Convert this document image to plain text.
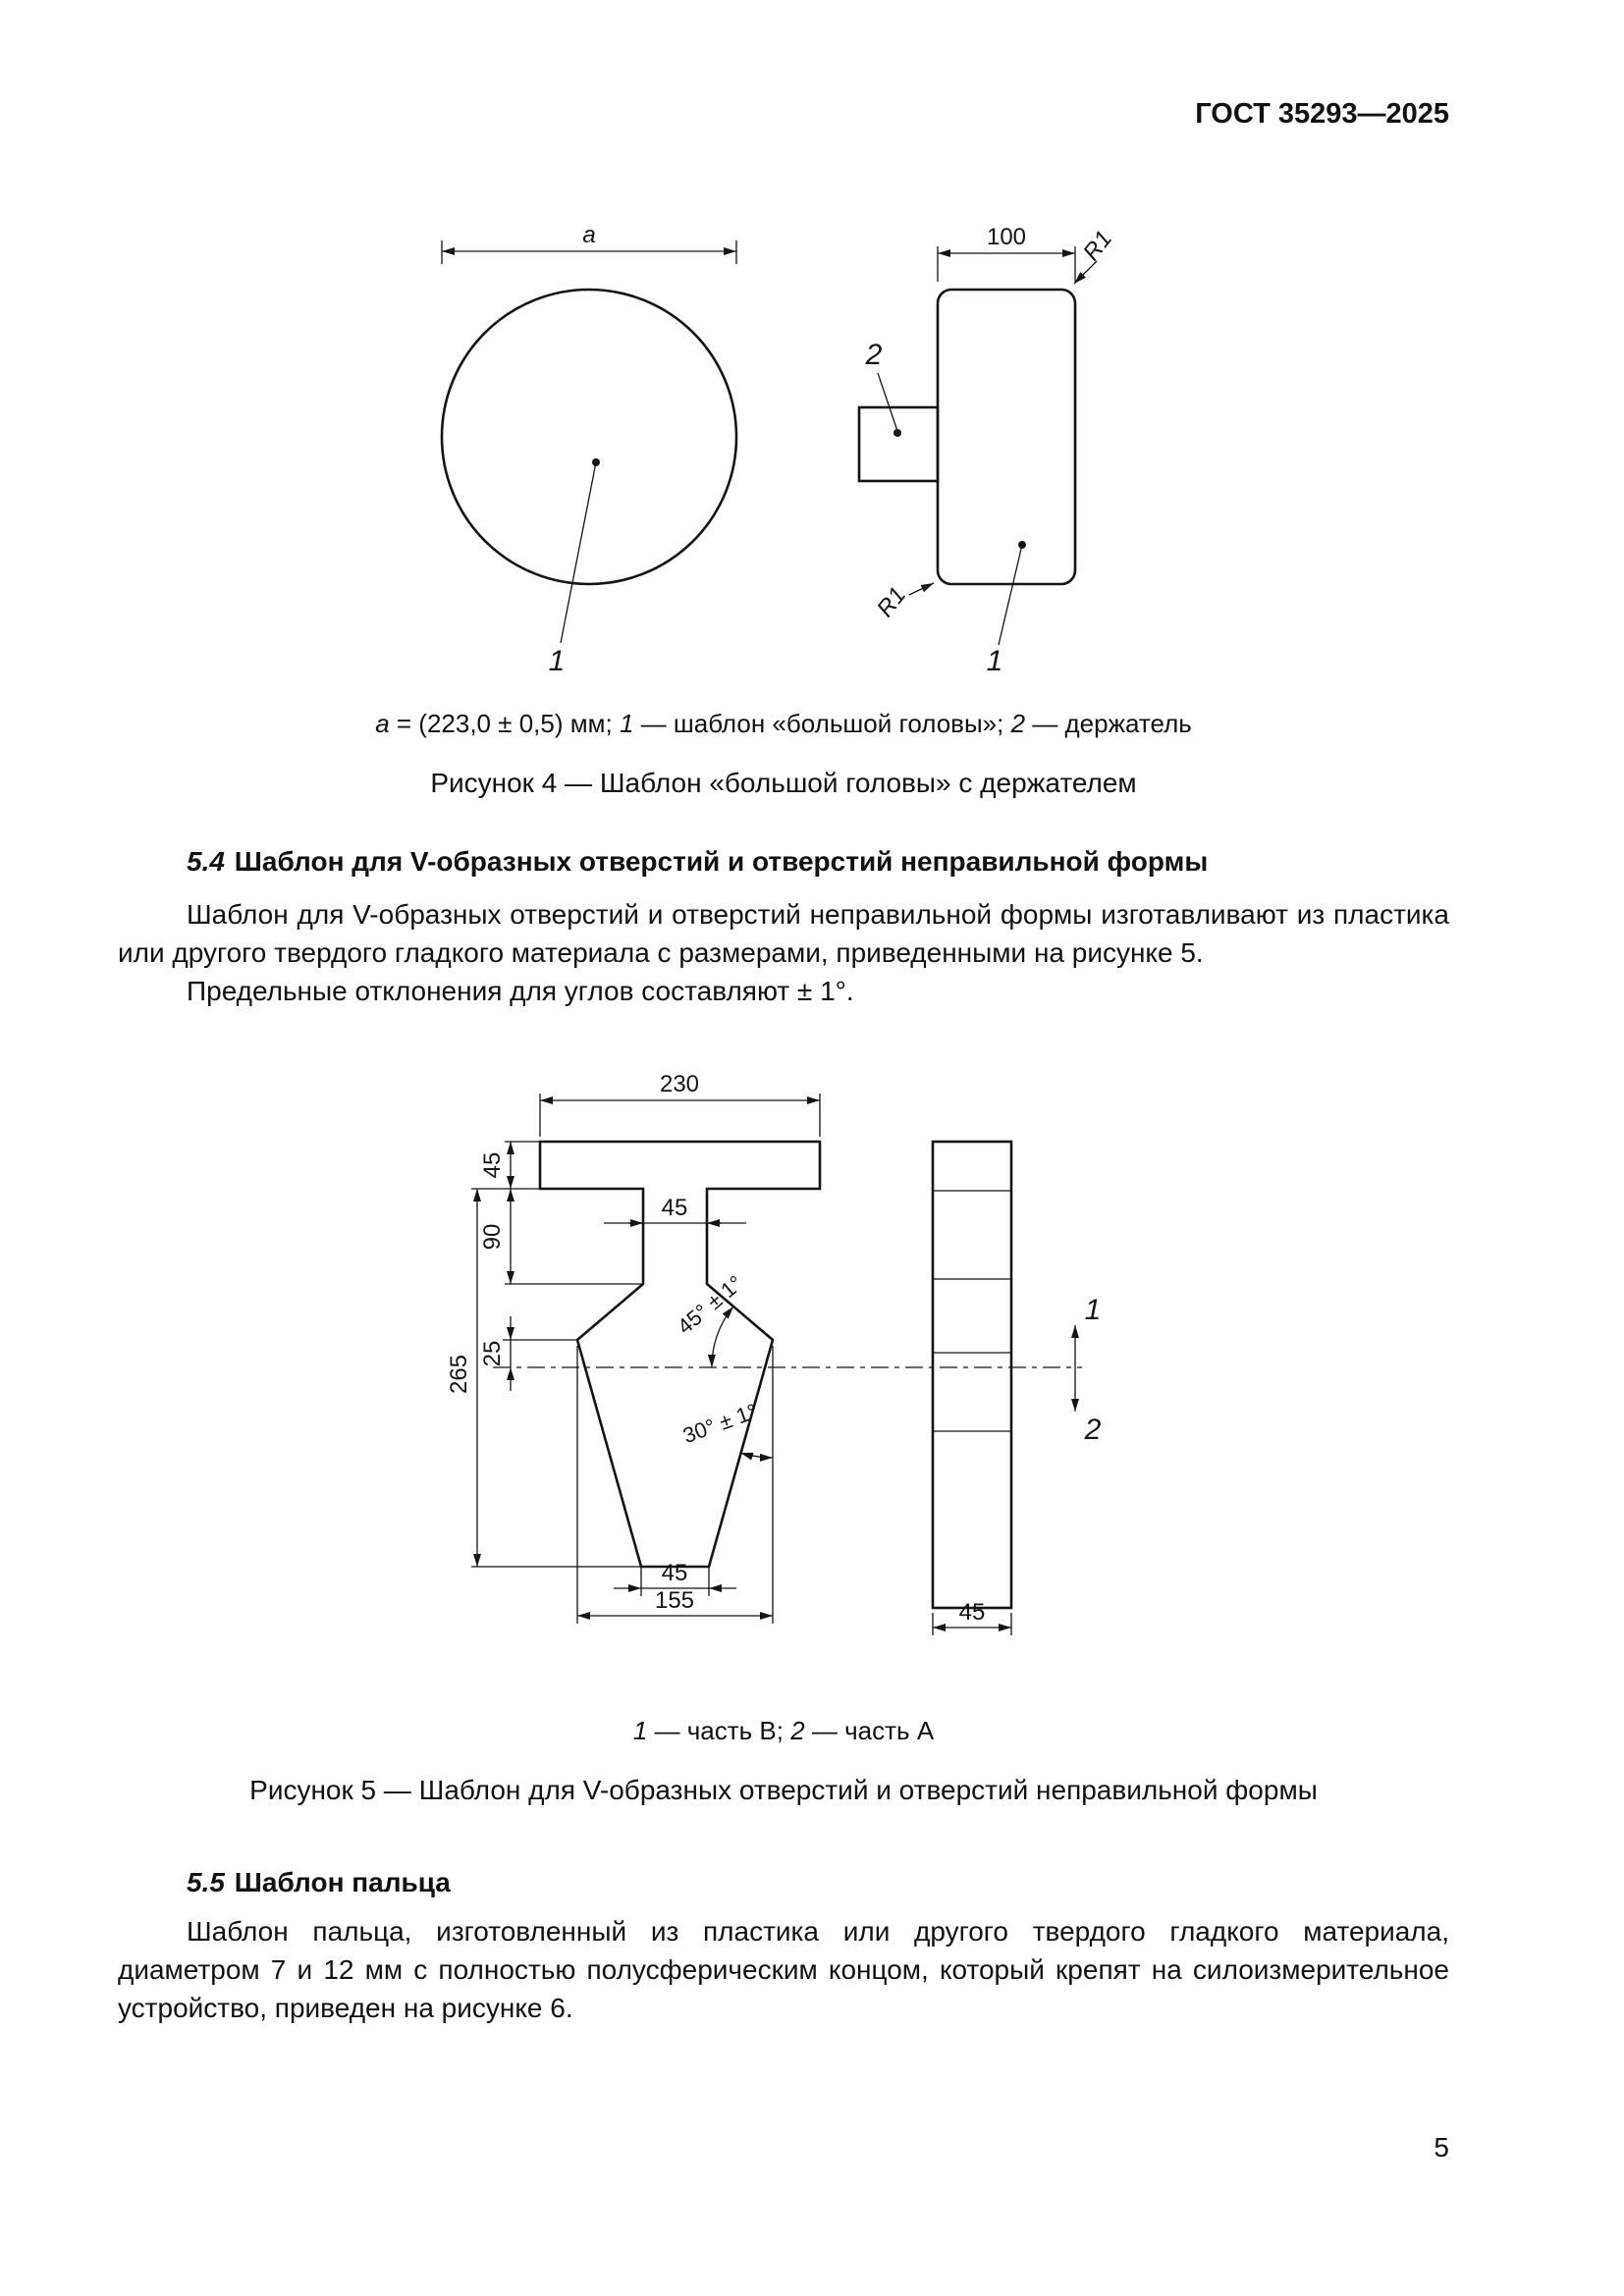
ГОСТ 35293—2025
a
1
100 R1
R1
2
1
a = (223,0 ± 0,5) мм; 1 — шаблон «большой головы»; 2 — держатель
Рисунок 4 — Шаблон «большой головы» с держателем
5.4 Шаблон для V-образных отверстий и отверстий неправильной формы
Шаблон для V-образных отверстий и отверстий неправильной формы изготавливают из пластика или другого твердого гладкого материала с размерами, приведенными на рисунке 5.
Предельные отклонения для углов составляют ± 1°.
230
45
90
25
265
45
45° ± 1°
30° ± 1°
45
155	45
1
2
1 — часть В; 2 — часть А
Рисунок 5 — Шаблон для V-образных отверстий и отверстий неправильной формы
5.5 Шаблон пальца
Шаблон пальца, изготовленный из пластика или другого твердого гладкого материала, диаметром 7 и 12 мм с полностью полусферическим концом, который крепят на силоизмерительное устройство, приведен на рисунке 6.
5
